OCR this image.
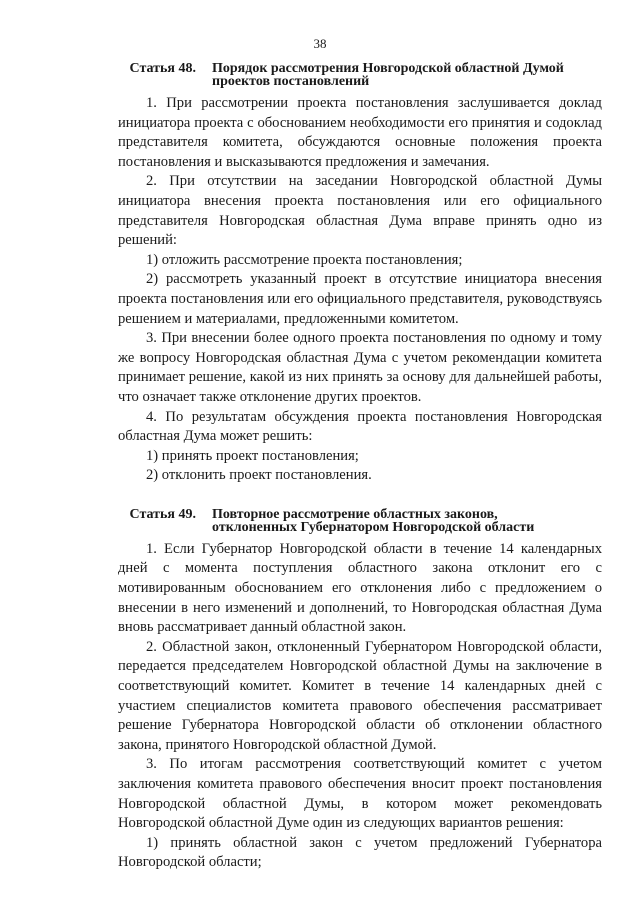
38
Статья 48.	Порядок рассмотрения Новгородской областной Думой
проектов постановлений

1. При рассмотрении проекта постановления заслушивается доклад инициатора проекта с обоснованием необходимости его принятия и содоклад представителя комитета, обсуждаются основные положения проекта постановления и высказываются предложения и замечания.

2. При отсутствии на заседании Новгородской областной Думы инициатора внесения проекта постановления или его официального представителя Новгородская областная Дума вправе принять одно из решений:

1) отложить рассмотрение проекта постановления;

2) рассмотреть указанный проект в отсутствие инициатора внесения проекта постановления или его официального представителя, руководствуясь решением и материалами, предложенными комитетом.

3. При внесении более одного проекта постановления по одному и тому же вопросу Новгородская областная Дума с учетом рекомендации комитета принимает решение, какой из них принять за основу для дальнейшей работы, что означает также отклонение других проектов.

4. По результатам обсуждения проекта постановления Новгородская областная Дума может решить:

1) принять проект постановления;

2) отклонить проект постановления.

Статья 49.	Повторное рассмотрение областных законов,
отклоненных Губернатором Новгородской области

1. Если Губернатор Новгородской области в течение 14 календарных дней с момента поступления областного закона отклонит его с мотивированным обоснованием его отклонения либо с предложением о внесении в него изменений и дополнений, то Новгородская областная Дума вновь рассматривает данный областной закон.

2. Областной закон, отклоненный Губернатором Новгородской области, передается председателем Новгородской областной Думы на заключение в соответствующий комитет. Комитет в течение 14 календарных дней с участием специалистов комитета правового обеспечения рассматривает решение Губернатора Новгородской области об отклонении областного закона, принятого Новгородской областной Думой.

3. По итогам рассмотрения соответствующий комитет с учетом заключения комитета правового обеспечения вносит проект постановления Новгородской областной Думы, в котором может рекомендовать Новгородской областной Думе один из следующих вариантов решения:

1) принять областной закон с учетом предложений Губернатора Новгородской области;
